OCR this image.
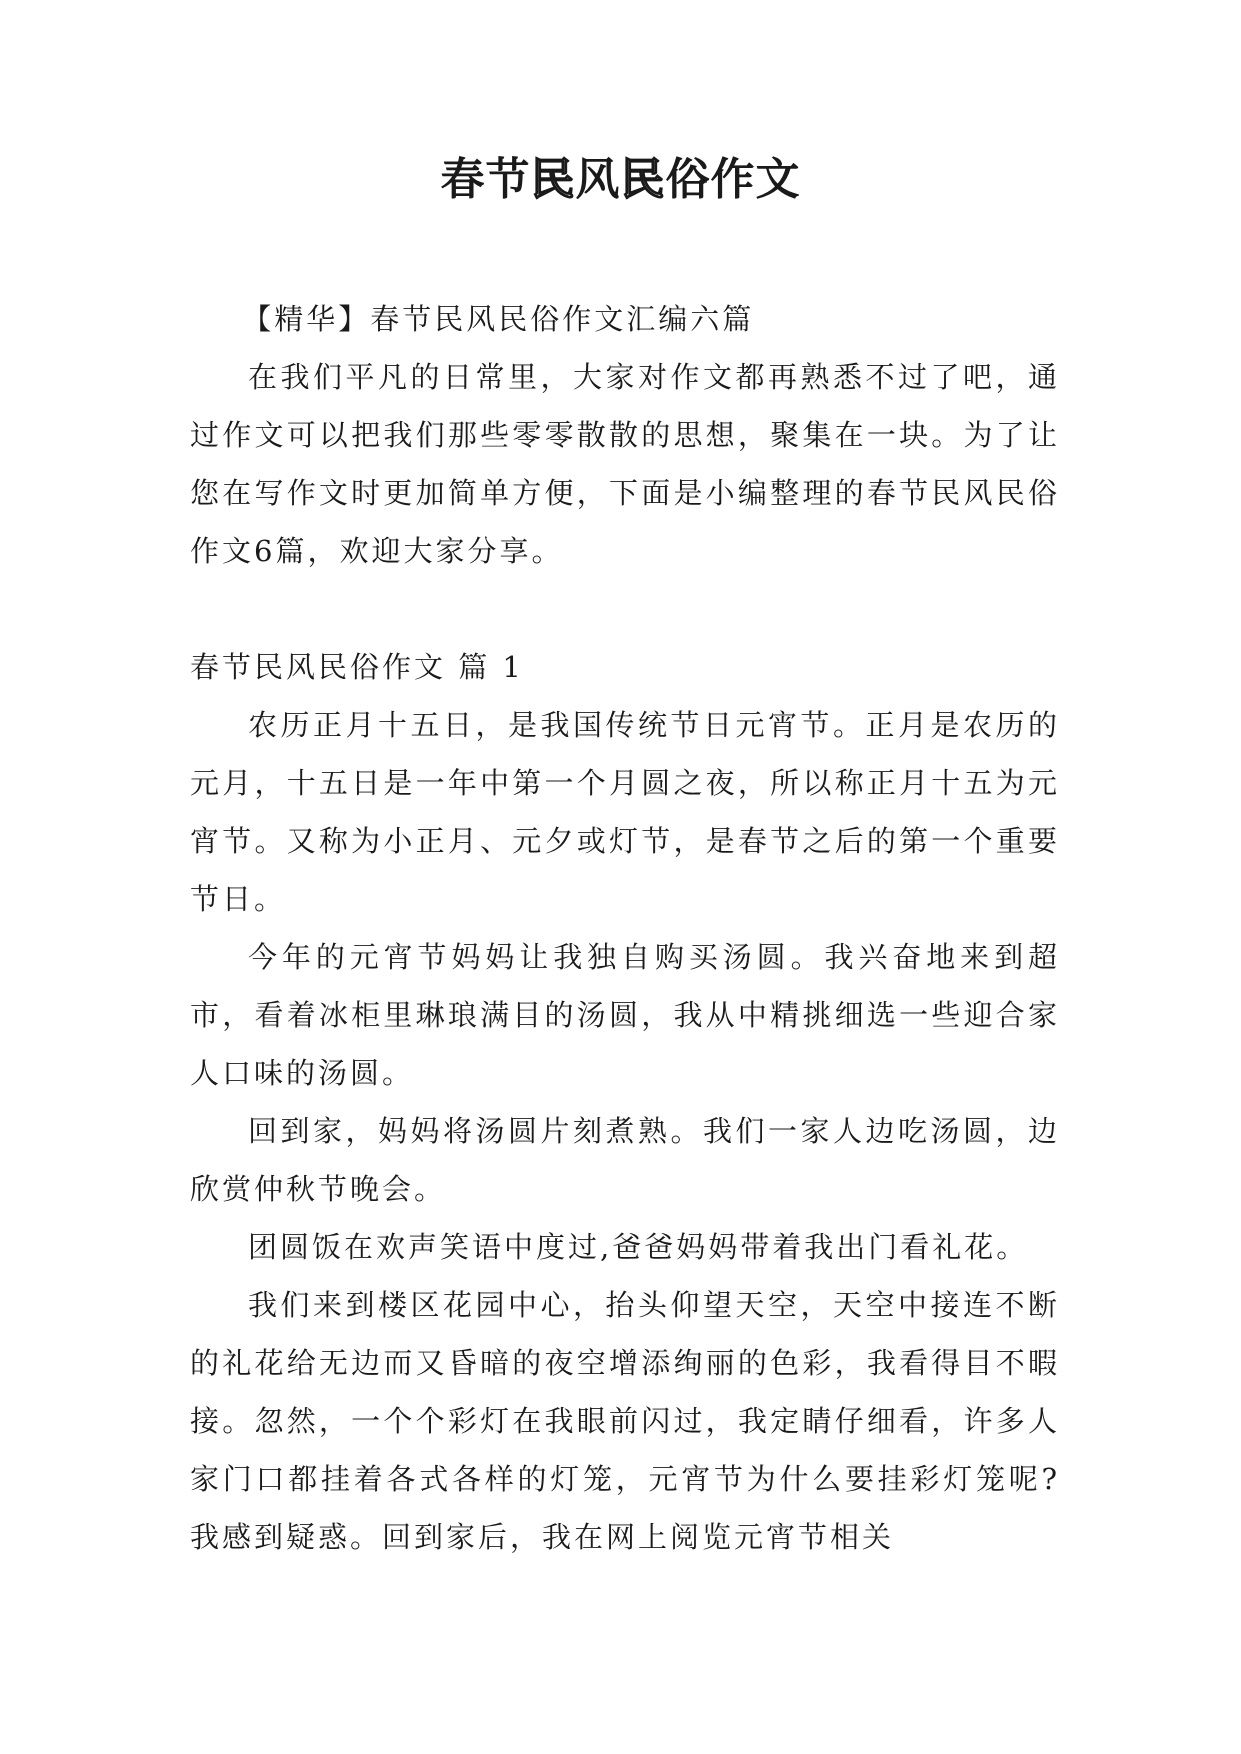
春节民风民俗作文

【精华】春节民风民俗作文汇编六篇

在我们平凡的日常里，大家对作文都再熟悉不过了吧，通过作文可以把我们那些零零散散的思想，聚集在一块。为了让您在写作文时更加简单方便，下面是小编整理的春节民风民俗作文6篇，欢迎大家分享。

春节民风民俗作文 篇 1

农历正月十五日，是我国传统节日元宵节。正月是农历的元月，十五日是一年中第一个月圆之夜，所以称正月十五为元宵节。又称为小正月、元夕或灯节，是春节之后的第一个重要节日。

今年的元宵节妈妈让我独自购买汤圆。我兴奋地来到超市，看着冰柜里琳琅满目的汤圆，我从中精挑细选一些迎合家人口味的汤圆。

回到家，妈妈将汤圆片刻煮熟。我们一家人边吃汤圆，边欣赏仲秋节晚会。

团圆饭在欢声笑语中度过,爸爸妈妈带着我出门看礼花。

我们来到楼区花园中心，抬头仰望天空，天空中接连不断的礼花给无边而又昏暗的夜空增添绚丽的色彩，我看得目不暇接。忽然，一个个彩灯在我眼前闪过，我定睛仔细看，许多人家门口都挂着各式各样的灯笼，元宵节为什么要挂彩灯笼呢?我感到疑惑。回到家后，我在网上阅览元宵节相关
